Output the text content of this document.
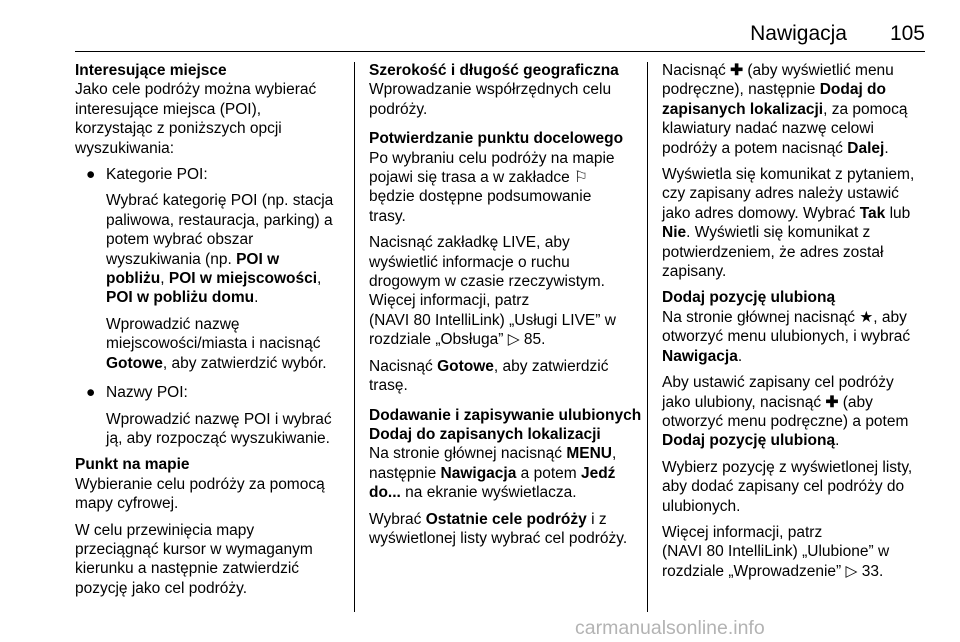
Nawigacja 105
Interesujące miejsce
Jako cele podróży można wybierać
interesujące miejsca (POI),
korzystając z poniższych opcji
wyszukiwania:
● Kategorie POI:
Wybrać kategorię POI (np. stacja
paliwowa, restauracja, parking) a
potem wybrać obszar
wyszukiwania (np. POI w
pobliżu, POI w miejscowości,
POI w pobliżu domu.
Wprowadzić nazwę
miejscowości/miasta i nacisnąć
Gotowe, aby zatwierdzić wybór.
● Nazwy POI:
Wprowadzić nazwę POI i wybrać
ją, aby rozpocząć wyszukiwanie.
Punkt na mapie
Wybieranie celu podróży za pomocą
mapy cyfrowej.
W celu przewinięcia mapy
przeciągnąć kursor w wymaganym
kierunku a następnie zatwierdzić
pozycję jako cel podróży.
Szerokość i długość geograficzna
Wprowadzanie współrzędnych celu
podróży.
Potwierdzanie punktu docelowego
Po wybraniu celu podróży na mapie
pojawi się trasa a w zakładce ⚐
będzie dostępne podsumowanie
trasy.
Nacisnąć zakładkę LIVE, aby
wyświetlić informacje o ruchu
drogowym w czasie rzeczywistym.
Więcej informacji, patrz
(NAVI 80 IntelliLink) „Usługi LIVE” w
rozdziale „Obsługa” ▷ 85.
Nacisnąć Gotowe, aby zatwierdzić
trasę.
Dodawanie i zapisywanie ulubionych
Dodaj do zapisanych lokalizacji
Na stronie głównej nacisnąć MENU,
następnie Nawigacja a potem Jedź
do... na ekranie wyświetlacza.
Wybrać Ostatnie cele podróży i z
wyświetlonej listy wybrać cel podróży.
Nacisnąć ✚ (aby wyświetlić menu
podręczne), następnie Dodaj do
zapisanych lokalizacji, za pomocą
klawiatury nadać nazwę celowi
podróży a potem nacisnąć Dalej.
Wyświetla się komunikat z pytaniem,
czy zapisany adres należy ustawić
jako adres domowy. Wybrać Tak lub
Nie. Wyświetli się komunikat z
potwierdzeniem, że adres został
zapisany.
Dodaj pozycję ulubioną
Na stronie głównej nacisnąć ★, aby
otworzyć menu ulubionych, i wybrać
Nawigacja.
Aby ustawić zapisany cel podróży
jako ulubiony, nacisnąć ✚ (aby
otworzyć menu podręczne) a potem
Dodaj pozycję ulubioną.
Wybierz pozycję z wyświetlonej listy,
aby dodać zapisany cel podróży do
ulubionych.
Więcej informacji, patrz
(NAVI 80 IntelliLink) „Ulubione” w
rozdziale „Wprowadzenie” ▷ 33.
carmanualsonline.info
